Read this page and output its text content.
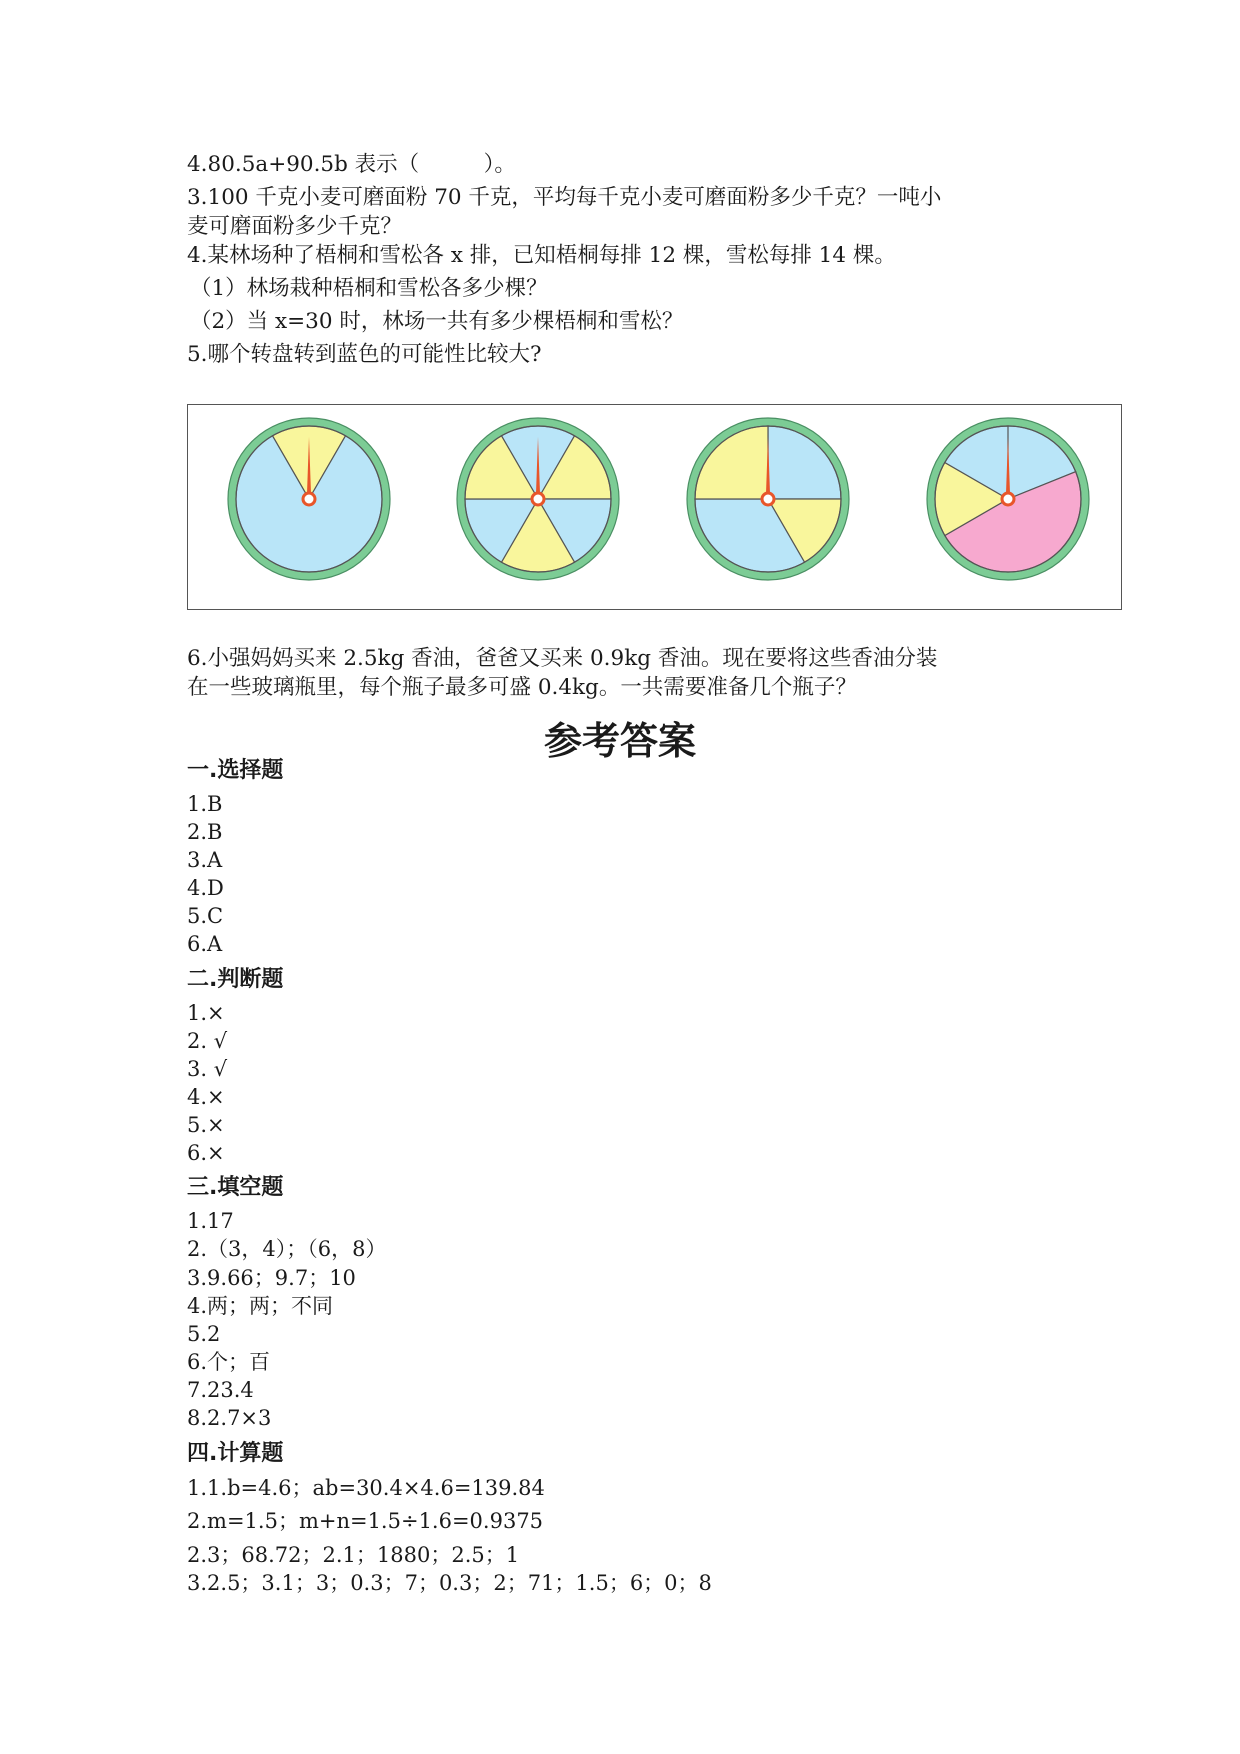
4.80.5a+90.5b 表示（　　　）。
3.100 千克小麦可磨面粉 70 千克，平均每千克小麦可磨面粉多少千克？一吨小
麦可磨面粉多少千克？
4.某林场种了梧桐和雪松各 x 排，已知梧桐每排 12 棵，雪松每排 14 棵。
（1）林场栽种梧桐和雪松各多少棵？
（2）当 x=30 时，林场一共有多少棵梧桐和雪松？
5.哪个转盘转到蓝色的可能性比较大?
6.小强妈妈买来 2.5kg 香油，爸爸又买来 0.9kg 香油。现在要将这些香油分装
在一些玻璃瓶里，每个瓶子最多可盛 0.4kg。一共需要准备几个瓶子？
参考答案
一.选择题
1.B
2.B
3.A
4.D
5.C
6.A
二.判断题
1.×
2. √
3. √
4.×
5.×
6.×
三.填空题
1.17
2.（3，4）；（6，8）
3.9.66；9.7；10
4.两；两；不同
5.2
6.个；百
7.23.4
8.2.7×3
四.计算题
1.1.b=4.6；ab=30.4×4.6=139.84
2.m=1.5；m+n=1.5÷1.6=0.9375
2.3；68.72；2.1；1880；2.5；1
3.2.5；3.1；3；0.3；7；0.3；2；71；1.5；6；0；8
